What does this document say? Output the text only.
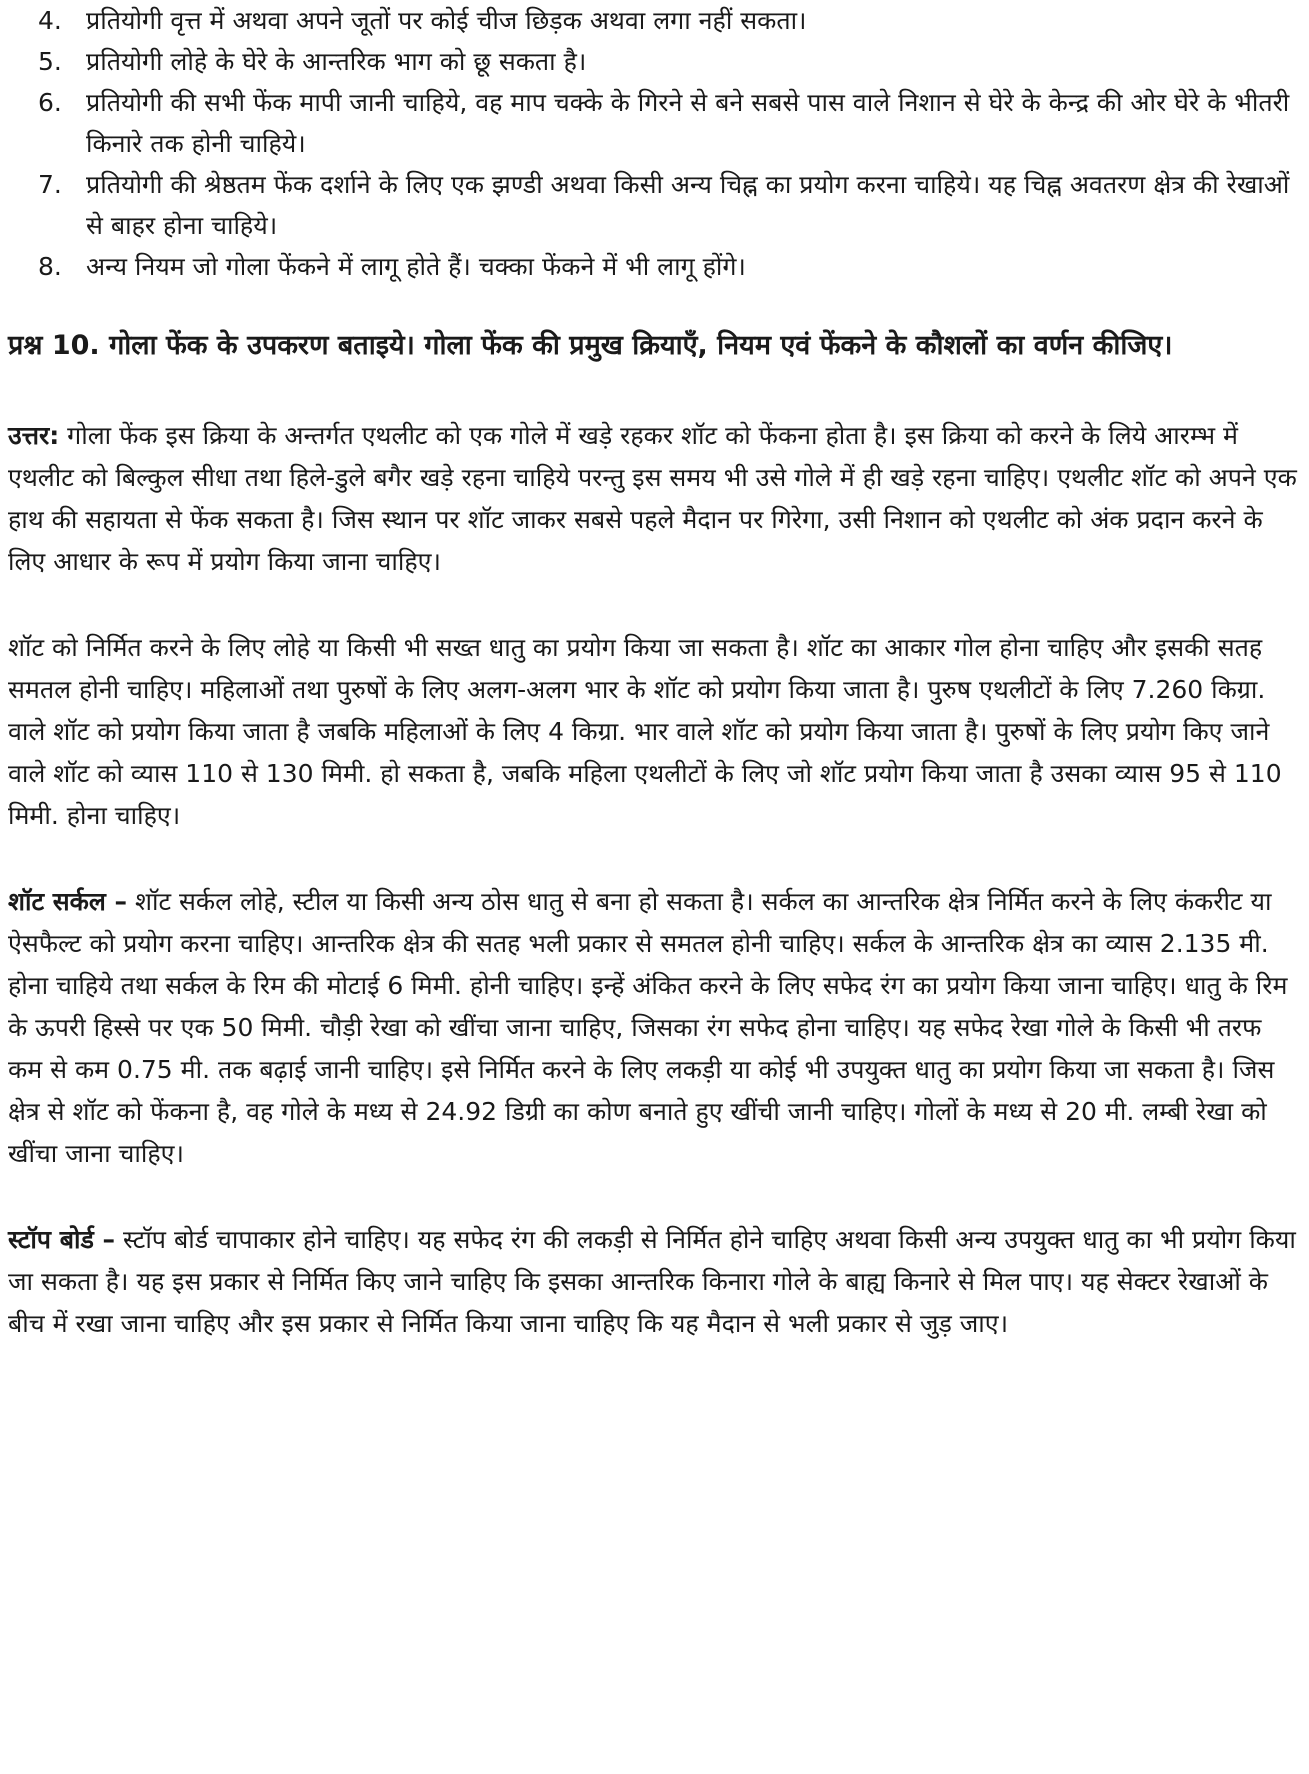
4. प्रतियोगी वृत्त में अथवा अपने जूतों पर कोई चीज छिड़क अथवा लगा नहीं सकता।
5. प्रतियोगी लोहे के घेरे के आन्तरिक भाग को छू सकता है।
6. प्रतियोगी की सभी फेंक मापी जानी चाहिये, वह माप चक्के के गिरने से बने सबसे पास वाले निशान से घेरे के केन्द्र की ओर घेरे के भीतरी किनारे तक होनी चाहिये।
7. प्रतियोगी की श्रेष्ठतम फेंक दर्शाने के लिए एक झण्डी अथवा किसी अन्य चिह्न का प्रयोग करना चाहिये। यह चिह्न अवतरण क्षेत्र की रेखाओं से बाहर होना चाहिये।
8. अन्य नियम जो गोला फेंकने में लागू होते हैं। चक्का फेंकने में भी लागू होंगे।

प्रश्न 10. गोला फेंक के उपकरण बताइये। गोला फेंक की प्रमुख क्रियाएँ, नियम एवं फेंकने के कौशलों का वर्णन कीजिए।

उत्तर: गोला फेंक इस क्रिया के अन्तर्गत एथलीट को एक गोले में खड़े रहकर शॉट को फेंकना होता है। इस क्रिया को करने के लिये आरम्भ में एथलीट को बिल्कुल सीधा तथा हिले-डुले बगैर खड़े रहना चाहिये परन्तु इस समय भी उसे गोले में ही खड़े रहना चाहिए। एथलीट शॉट को अपने एक हाथ की सहायता से फेंक सकता है। जिस स्थान पर शॉट जाकर सबसे पहले मैदान पर गिरेगा, उसी निशान को एथलीट को अंक प्रदान करने के लिए आधार के रूप में प्रयोग किया जाना चाहिए।

शॉट को निर्मित करने के लिए लोहे या किसी भी सख्त धातु का प्रयोग किया जा सकता है। शॉट का आकार गोल होना चाहिए और इसकी सतह समतल होनी चाहिए। महिलाओं तथा पुरुषों के लिए अलग-अलग भार के शॉट को प्रयोग किया जाता है। पुरुष एथलीटों के लिए 7.260 किग्रा. वाले शॉट को प्रयोग किया जाता है जबकि महिलाओं के लिए 4 किग्रा. भार वाले शॉट को प्रयोग किया जाता है। पुरुषों के लिए प्रयोग किए जाने वाले शॉट को व्यास 110 से 130 मिमी. हो सकता है, जबकि महिला एथलीटों के लिए जो शॉट प्रयोग किया जाता है उसका व्यास 95 से 110 मिमी. होना चाहिए।

शॉट सर्कल – शॉट सर्कल लोहे, स्टील या किसी अन्य ठोस धातु से बना हो सकता है। सर्कल का आन्तरिक क्षेत्र निर्मित करने के लिए कंकरीट या ऐसफैल्ट को प्रयोग करना चाहिए। आन्तरिक क्षेत्र की सतह भली प्रकार से समतल होनी चाहिए। सर्कल के आन्तरिक क्षेत्र का व्यास 2.135 मी. होना चाहिये तथा सर्कल के रिम की मोटाई 6 मिमी. होनी चाहिए। इन्हें अंकित करने के लिए सफेद रंग का प्रयोग किया जाना चाहिए। धातु के रिम के ऊपरी हिस्से पर एक 50 मिमी. चौड़ी रेखा को खींचा जाना चाहिए, जिसका रंग सफेद होना चाहिए। यह सफेद रेखा गोले के किसी भी तरफ कम से कम 0.75 मी. तक बढ़ाई जानी चाहिए। इसे निर्मित करने के लिए लकड़ी या कोई भी उपयुक्त धातु का प्रयोग किया जा सकता है। जिस क्षेत्र से शॉट को फेंकना है, वह गोले के मध्य से 24.92 डिग्री का कोण बनाते हुए खींची जानी चाहिए। गोलों के मध्य से 20 मी. लम्बी रेखा को खींचा जाना चाहिए।

स्टॉप बोर्ड – स्टॉप बोर्ड चापाकार होने चाहिए। यह सफेद रंग की लकड़ी से निर्मित होने चाहिए अथवा किसी अन्य उपयुक्त धातु का भी प्रयोग किया जा सकता है। यह इस प्रकार से निर्मित किए जाने चाहिए कि इसका आन्तरिक किनारा गोले के बाह्य किनारे से मिल पाए। यह सेक्टर रेखाओं के बीच में रखा जाना चाहिए और इस प्रकार से निर्मित किया जाना चाहिए कि यह मैदान से भली प्रकार से जुड़ जाए।
